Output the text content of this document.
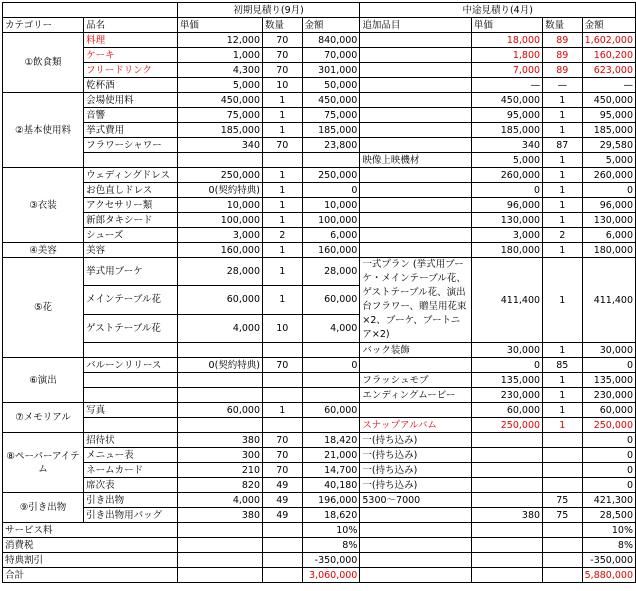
		初期見積り(9月)			中途見積り(4月)			
カテゴリー	品名	単価	数量	金額	追加品目	単価	数量	金額
①飲食類	料理	12,000	70	840,000		18,000	89	1,602,000
	ケーキ	1,000	70	70,000		1,800	89	160,200
	フリードリンク	4,300	70	301,000		7,000	89	623,000
	乾杯酒	5,000	10	50,000		—	—	—
②基本使用料	会場使用料	450,000	1	450,000		450,000	1	450,000
	音響	75,000	1	75,000		95,000	1	95,000
	挙式費用	185,000	1	185,000		185,000	1	185,000
	フラワーシャワー	340	70	23,800		340	87	29,580
					映像上映機材	5,000	1	5,000
③衣装	ウェディングドレス	250,000	1	250,000		260,000	1	260,000
	お色直しドレス	0(契約特典)	1	0		0	1	0
	アクセサリー類	10,000	1	10,000		96,000	1	96,000
	新郎タキシード	100,000	1	100,000		130,000	1	130,000
	シューズ	3,000	2	6,000		3,000	2	6,000
④美容	美容	160,000	1	160,000		180,000	1	180,000
⑤花	挙式用ブーケ	28,000	1	28,000	一式プラン (挙式用ブーケ・メインテーブル花、ゲストテーブル花、演出台フラワー、贈呈用花束×2、ブーケ、ブートニア×2)	411,400	1	411,400
	メインテーブル花	60,000	1	60,000				
	ゲストテーブル花	4,000	10	4,000				
					バック装飾	30,000	1	30,000
⑥演出	バルーンリリース	0(契約特典)	70	0		0	85	0
					フラッシュモブ	135,000	1	135,000
					エンディングムービー	230,000	1	230,000
⑦メモリアル	写真	60,000	1	60,000		60,000	1	60,000
					スナップアルバム	250,000	1	250,000
⑧ペーパーアイテム	招待状	380	70	18,420	一(持ち込み)			0
	メニュー表	300	70	21,000	一(持ち込み)			0
	ネームカード	210	70	14,700	一(持ち込み)			0
	席次表	820	49	40,180	一(持ち込み)			0
⑨引き出物	引き出物	4,000	49	196,000	5300〜7000		75	421,300
	引き出物用バッグ	380	49	18,620		380	75	28,500
サービス料				10%				10%
消費税				8%				8%
特典割引				-350,000				-350,000
合計				3,060,000				5,880,000
